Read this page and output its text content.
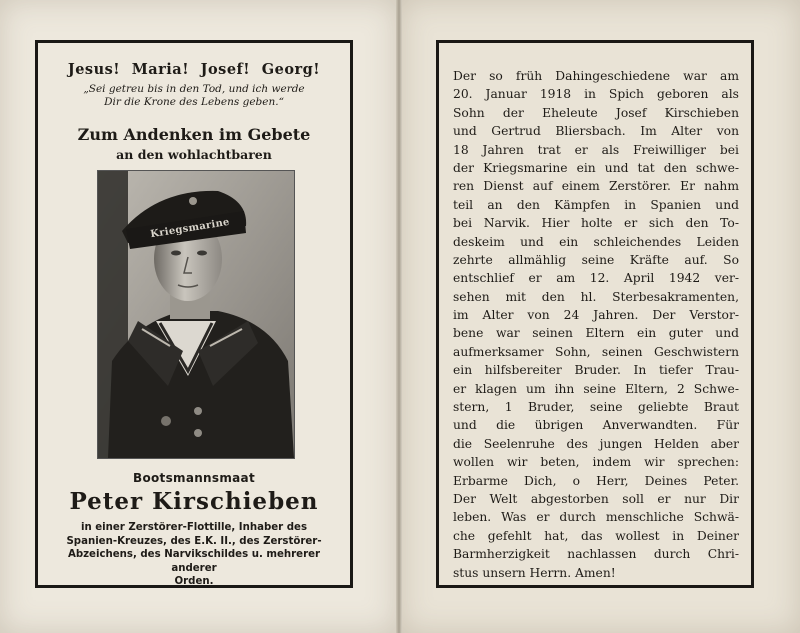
Jesus! Maria! Josef! Georg!
„Sei getreu bis in den Tod, und ich werde
Dir die Krone des Lebens geben.“
Zum Andenken im Gebete
an den wohlachtbaren
Kriegsmarine
Bootsmannsmaat
Peter Kirschieben
in einer Zerstörer-Flottille, Inhaber des
Spanien-Kreuzes, des E.K. II., des Zerstörer-
Abzeichens, des Narvikschildes u. mehrerer anderer
Orden.
Der so früh Dahingeschiedene war am
20. Januar 1918 in Spich geboren als
Sohn der Eheleute Josef Kirschieben
und Gertrud Bliersbach. Im Alter von
18 Jahren trat er als Freiwilliger bei
der Kriegsmarine ein und tat den schwe-
ren Dienst auf einem Zerstörer. Er nahm
teil an den Kämpfen in Spanien und
bei Narvik. Hier holte er sich den To-
deskeim und ein schleichendes Leiden
zehrte allmählig seine Kräfte auf. So
entschlief er am 12. April 1942 ver-
sehen mit den hl. Sterbesakramenten,
im Alter von 24 Jahren. Der Verstor-
bene war seinen Eltern ein guter und
aufmerksamer Sohn, seinen Geschwistern
ein hilfsbereiter Bruder. In tiefer Trau-
er klagen um ihn seine Eltern, 2 Schwe-
stern, 1 Bruder, seine geliebte Braut
und die übrigen Anverwandten. Für
die Seelenruhe des jungen Helden aber
wollen wir beten, indem wir sprechen:
Erbarme Dich, o Herr, Deines Peter.
Der Welt abgestorben soll er nur Dir
leben. Was er durch menschliche Schwä-
che gefehlt hat, das wollest in Deiner
Barmherzigkeit nachlassen durch Chri-
stus unsern Herrn. Amen!
